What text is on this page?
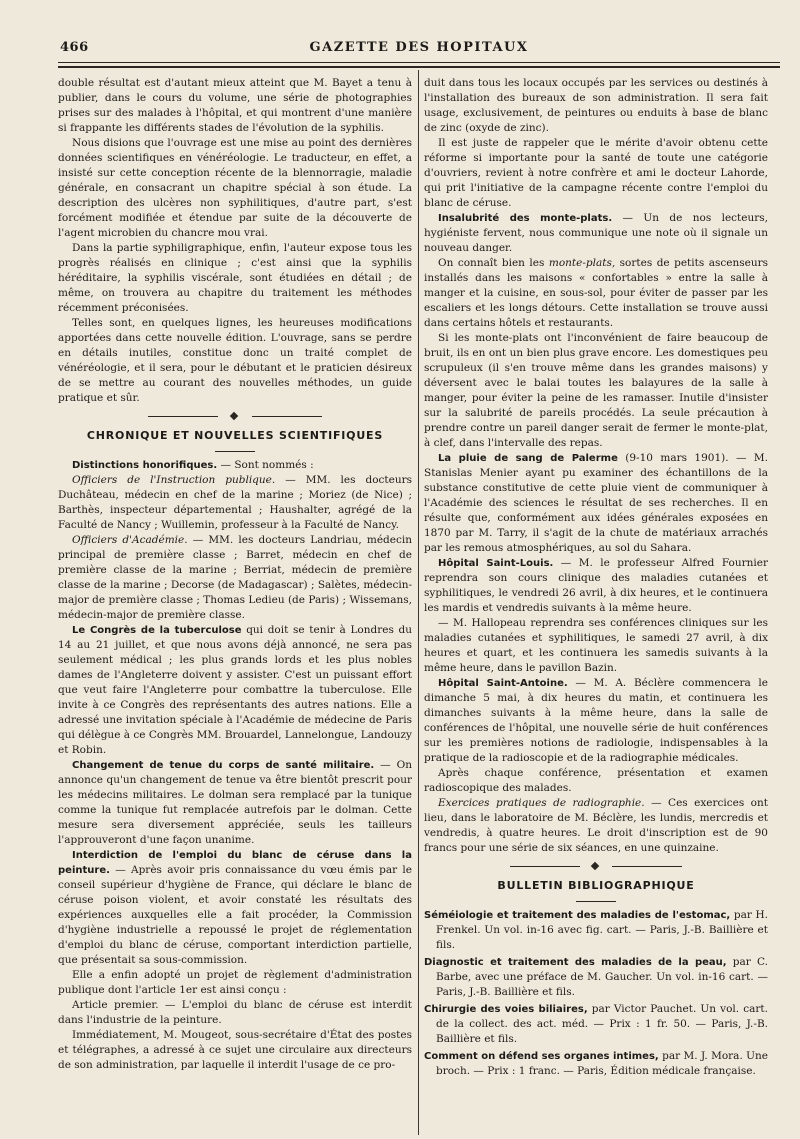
466	GAZETTE DES HOPITAUX

double résultat est d'autant mieux atteint que M. Bayet a tenu à publier, dans le cours du volume, une série de photographies prises sur des malades à l'hôpital, et qui montrent d'une manière si frappante les différents stades de l'évolution de la syphilis.

Nous disions que l'ouvrage est une mise au point des dernières données scientifiques en vénéréologie. Le traducteur, en effet, a insisté sur cette conception récente de la blennorragie, maladie générale, en consacrant un chapitre spécial à son étude. La description des ulcères non syphilitiques, d'autre part, s'est forcément modifiée et étendue par suite de la découverte de l'agent microbien du chancre mou vrai.

Dans la partie syphiligraphique, enfin, l'auteur expose tous les progrès réalisés en clinique ; c'est ainsi que la syphilis héréditaire, la syphilis viscérale, sont étudiées en détail ; de même, on trouvera au chapitre du traitement les méthodes récemment préconisées.

Telles sont, en quelques lignes, les heureuses modifications apportées dans cette nouvelle édition. L'ouvrage, sans se perdre en détails inutiles, constitue donc un traité complet de vénéréologie, et il sera, pour le débutant et le praticien désireux de se mettre au courant des nouvelles méthodes, un guide pratique et sûr.

CHRONIQUE ET NOUVELLES SCIENTIFIQUES

Distinctions honorifiques. — Sont nommés :

Officiers de l'Instruction publique. — MM. les docteurs Duchâteau, médecin en chef de la marine ; Moriez (de Nice) ; Barthès, inspecteur départemental ; Haushalter, agrégé de la Faculté de Nancy ; Wuillemin, professeur à la Faculté de Nancy.

Officiers d'Académie. — MM. les docteurs Landriau, médecin principal de première classe ; Barret, médecin en chef de première classe de la marine ; Berriat, médecin de première classe de la marine ; Decorse (de Madagascar) ; Salètes, médecin-major de première classe ; Thomas Ledieu (de Paris) ; Wissemans, médecin-major de première classe.

Le Congrès de la tuberculose qui doit se tenir à Londres du 14 au 21 juillet, et que nous avons déjà annoncé, ne sera pas seulement médical ; les plus grands lords et les plus nobles dames de l'Angleterre doivent y assister. C'est un puissant effort que veut faire l'Angleterre pour combattre la tuberculose. Elle invite à ce Congrès des représentants des autres nations. Elle a adressé une invitation spéciale à l'Académie de médecine de Paris qui délègue à ce Congrès MM. Brouardel, Lannelongue, Landouzy et Robin.

Changement de tenue du corps de santé militaire. — On annonce qu'un changement de tenue va être bientôt prescrit pour les médecins militaires. Le dolman sera remplacé par la tunique comme la tunique fut remplacée autrefois par le dolman. Cette mesure sera diversement appréciée, seuls les tailleurs l'approuveront d'une façon unanime.

Interdiction de l'emploi du blanc de céruse dans la peinture. — Après avoir pris connaissance du vœu émis par le conseil supérieur d'hygiène de France, qui déclare le blanc de céruse poison violent, et avoir constaté les résultats des expériences auxquelles elle a fait procéder, la Commission d'hygiène industrielle a repoussé le projet de réglementation d'emploi du blanc de céruse, comportant interdiction partielle, que présentait sa sous-commission.

Elle a enfin adopté un projet de règlement d'administration publique dont l'article 1er est ainsi conçu :

Article premier. — L'emploi du blanc de céruse est interdit dans l'industrie de la peinture.

Immédiatement, M. Mougeot, sous-secrétaire d'État des postes et télégraphes, a adressé à ce sujet une circulaire aux directeurs de son administration, par laquelle il interdit l'usage de ce pro-

duit dans tous les locaux occupés par les services ou destinés à l'installation des bureaux de son administration. Il sera fait usage, exclusivement, de peintures ou enduits à base de blanc de zinc (oxyde de zinc).

Il est juste de rappeler que le mérite d'avoir obtenu cette réforme si importante pour la santé de toute une catégorie d'ouvriers, revient à notre confrère et ami le docteur Lahorde, qui prit l'initiative de la campagne récente contre l'emploi du blanc de céruse.

Insalubrité des monte-plats. — Un de nos lecteurs, hygiéniste fervent, nous communique une note où il signale un nouveau danger.

On connaît bien les monte-plats, sortes de petits ascenseurs installés dans les maisons « confortables » entre la salle à manger et la cuisine, en sous-sol, pour éviter de passer par les escaliers et les longs détours. Cette installation se trouve aussi dans certains hôtels et restaurants.

Si les monte-plats ont l'inconvénient de faire beaucoup de bruit, ils en ont un bien plus grave encore. Les domestiques peu scrupuleux (il s'en trouve même dans les grandes maisons) y déversent avec le balai toutes les balayures de la salle à manger, pour éviter la peine de les ramasser. Inutile d'insister sur la salubrité de pareils procédés. La seule précaution à prendre contre un pareil danger serait de fermer le monte-plat, à clef, dans l'intervalle des repas.

La pluie de sang de Palerme (9-10 mars 1901). — M. Stanislas Menier ayant pu examiner des échantillons de la substance constitutive de cette pluie vient de communiquer à l'Académie des sciences le résultat de ses recherches. Il en résulte que, conformément aux idées générales exposées en 1870 par M. Tarry, il s'agit de la chute de matériaux arrachés par les remous atmosphériques, au sol du Sahara.

Hôpital Saint-Louis. — M. le professeur Alfred Fournier reprendra son cours clinique des maladies cutanées et syphilitiques, le vendredi 26 avril, à dix heures, et le continuera les mardis et vendredis suivants à la même heure.

— M. Hallopeau reprendra ses conférences cliniques sur les maladies cutanées et syphilitiques, le samedi 27 avril, à dix heures et quart, et les continuera les samedis suivants à la même heure, dans le pavillon Bazin.

Hôpital Saint-Antoine. — M. A. Béclère commencera le dimanche 5 mai, à dix heures du matin, et continuera les dimanches suivants à la même heure, dans la salle de conférences de l'hôpital, une nouvelle série de huit conférences sur les premières notions de radiologie, indispensables à la pratique de la radioscopie et de la radiographie médicales.

Après chaque conférence, présentation et examen radioscopique des malades.

Exercices pratiques de radiographie. — Ces exercices ont lieu, dans le laboratoire de M. Béclère, les lundis, mercredis et vendredis, à quatre heures. Le droit d'inscription est de 90 francs pour une série de six séances, en une quinzaine.

BULLETIN BIBLIOGRAPHIQUE

Séméiologie et traitement des maladies de l'estomac, par H. Frenkel. Un vol. in-16 avec fig. cart. — Paris, J.-B. Baillière et fils.

Diagnostic et traitement des maladies de la peau, par C. Barbe, avec une préface de M. Gaucher. Un vol. in-16 cart. — Paris, J.-B. Baillière et fils.

Chirurgie des voies biliaires, par Victor Pauchet. Un vol. cart. de la collect. des act. méd. — Prix : 1 fr. 50. — Paris, J.-B. Baillière et fils.

Comment on défend ses organes intimes, par M. J. Mora. Une broch. — Prix : 1 franc. — Paris, Édition médicale française.
